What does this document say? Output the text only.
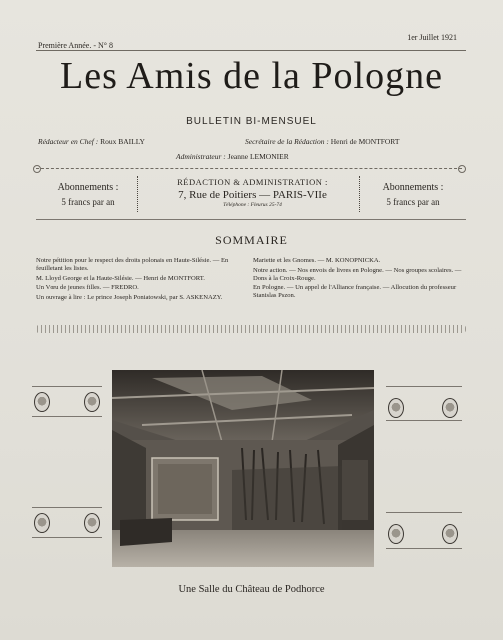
Première Année. - N° 8
1er Juillet 1921
Les Amis de la Pologne
BULLETIN BI-MENSUEL
Rédacteur en Chef : Roux BAILLY	Secrétaire de la Rédaction : Henri de MONTFORT
Administrateur : Jeanne LEMONIER
Abonnements :
5 francs par an
RÉDACTION & ADMINISTRATION :
7, Rue de Poitiers — PARIS-VIIe
Téléphone : Fleurus 25-74
Abonnements :
5 francs par an
SOMMAIRE

Notre pétition pour le respect des droits polonais en Haute-Silésie. — En feuilletant les listes.

M. Lloyd George et la Haute-Silésie. — Henri de MONTFORT.

Un Vœu de jeunes filles. — FREDRO.

Un ouvrage à lire : Le prince Joseph Poniatowski, par S. ASKENAZY.

Mariette et les Gnomes. — M. KONOPNICKA.

Notre action. — Nos envois de livres en Pologne. — Nos groupes scolaires. — Dons à la Croix-Rouge.

En Pologne. — Un appel de l'Alliance française. — Allocution du professeur Stanislas Pszon.

Une Salle du Château de Podhorce
